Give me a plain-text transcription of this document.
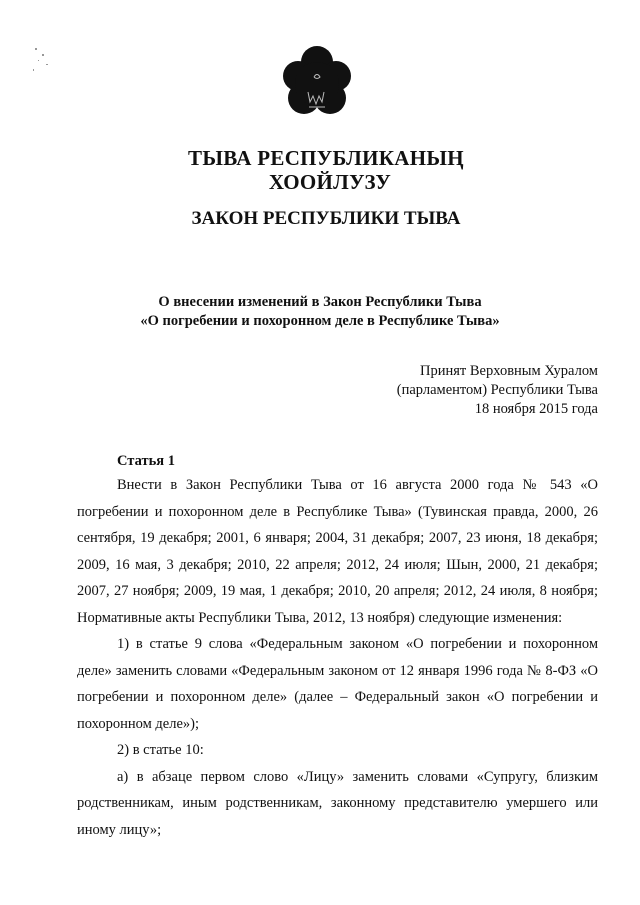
ТЫВА РЕСПУБЛИКАНЫҢ
ХООЙЛУЗУ
ЗАКОН РЕСПУБЛИКИ ТЫВА
О внесении изменений в Закон Республики Тыва
«О погребении и похоронном деле в Республике Тыва»
Принят Верховным Хуралом
(парламентом) Республики Тыва
18 ноября 2015 года
Статья 1

Внести в Закон Республики Тыва от 16 августа 2000 года № 543 «О погребении и похоронном деле в Республике Тыва» (Тувинская правда, 2000, 26 сентября, 19 декабря; 2001, 6 января; 2004, 31 декабря; 2007, 23 июня, 18 декабря; 2009, 16 мая, 3 декабря; 2010, 22 апреля; 2012, 24 июля; Шын, 2000, 21 декабря; 2007, 27 ноября; 2009, 19 мая, 1 декабря; 2010, 20 апреля; 2012, 24 июля, 8 ноября; Нормативные акты Республики Тыва, 2012, 13 ноября) следующие изменения:

1) в статье 9 слова «Федеральным законом «О погребении и похоронном деле» заменить словами «Федеральным законом от 12 января 1996 года № 8-ФЗ «О погребении и похоронном деле» (далее – Федеральный закон «О погребении и похоронном деле»);

2) в статье 10:

а) в абзаце первом слово «Лицу» заменить словами «Супругу, близким родственникам, иным родственникам, законному представителю умершего или иному лицу»;
